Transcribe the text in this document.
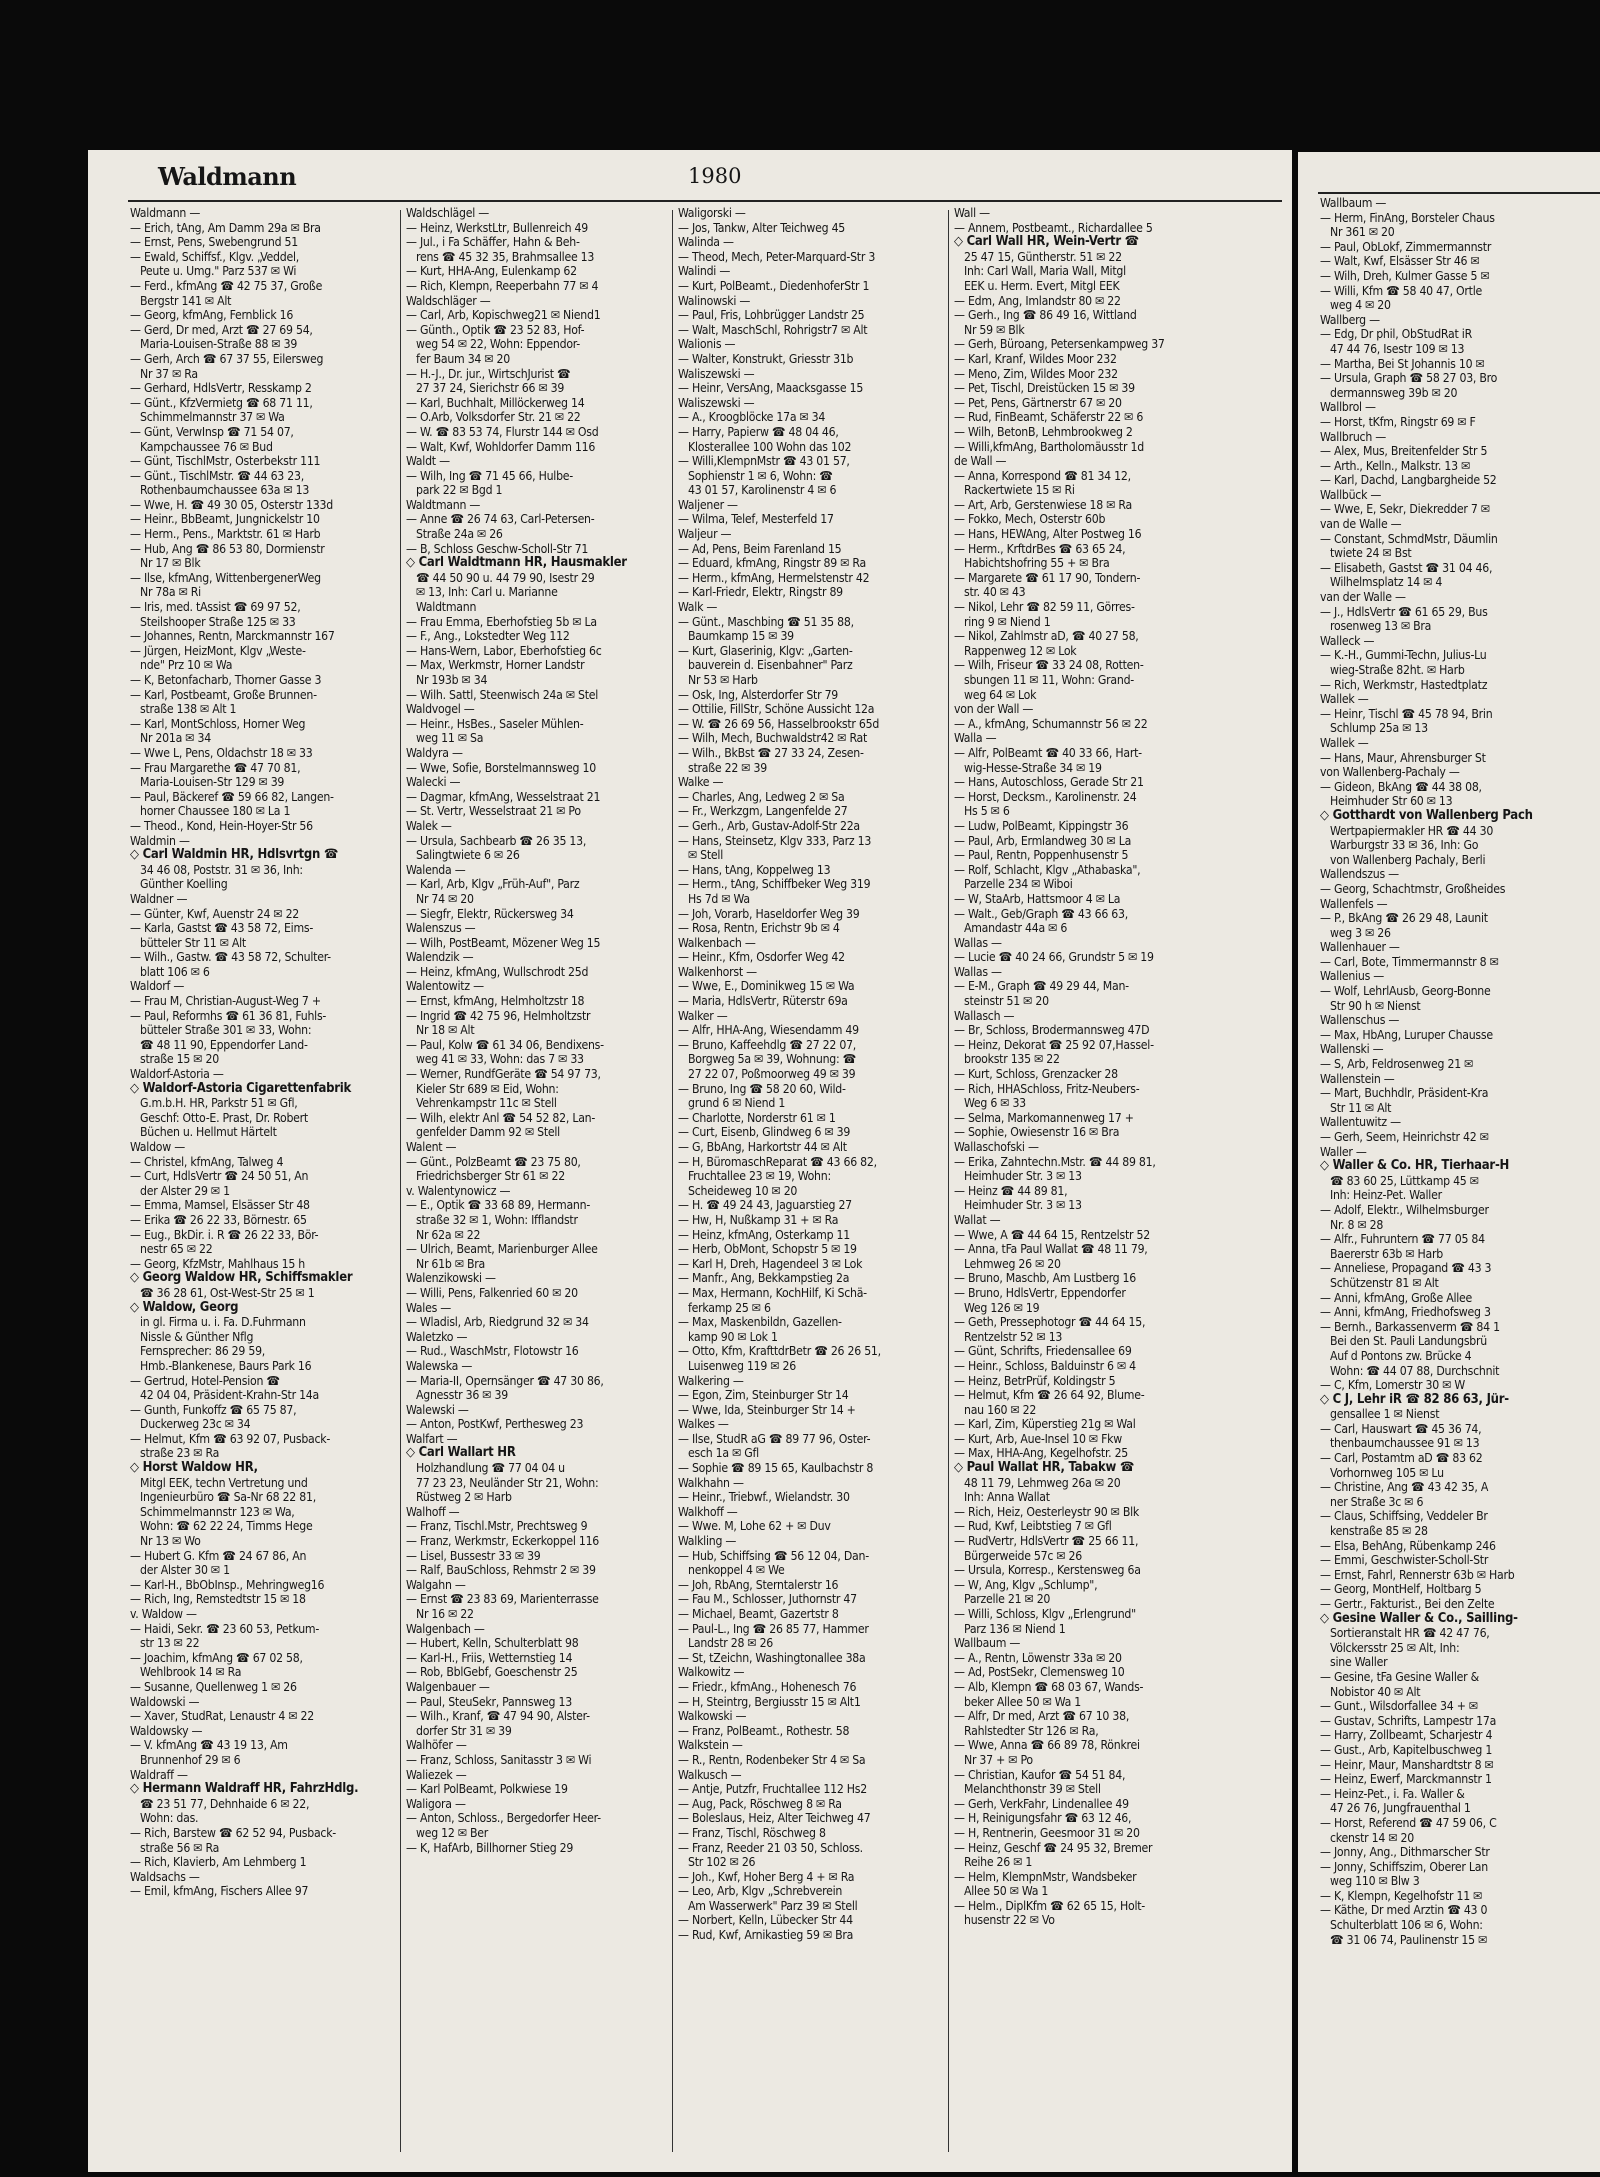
Waldmann	1980
Waldmann —
— Erich, tAng, Am Damm 29a ✉ Bra
— Ernst, Pens, Swebengrund 51
— Ewald, Schiffsf., Klgv. „Veddel,
Peute u. Umg." Parz 537 ✉ Wi
— Ferd., kfmAng ☎ 42 75 37, Große
Bergstr 141 ✉ Alt
— Georg, kfmAng, Fernblick 16
— Gerd, Dr med, Arzt ☎ 27 69 54,
Maria-Louisen-Straße 88 ✉ 39
— Gerh, Arch ☎ 67 37 55, Eilersweg
Nr 37 ✉ Ra
— Gerhard, HdlsVertr, Resskamp 2
— Günt., KfzVermietg ☎ 68 71 11,
Schimmelmannstr 37 ✉ Wa
— Günt, VerwInsp ☎ 71 54 07,
Kampchaussee 76 ✉ Bud
— Günt, TischlMstr, Osterbekstr 111
— Günt., TischlMstr. ☎ 44 63 23,
Rothenbaumchaussee 63a ✉ 13
— Wwe, H. ☎ 49 30 05, Osterstr 133d
— Heinr., BbBeamt, Jungnickelstr 10
— Herm., Pens., Marktstr. 61 ✉ Harb
— Hub, Ang ☎ 86 53 80, Dormienstr
Nr 17 ✉ Blk
— Ilse, kfmAng, WittenbergenerWeg
Nr 78a ✉ Ri
— Iris, med. tAssist ☎ 69 97 52,
Steilshooper Straße 125 ✉ 33
— Johannes, Rentn, Marckmannstr 167
— Jürgen, HeizMont, Klgv „Weste-
nde" Prz 10 ✉ Wa
— K, Betonfacharb, Thorner Gasse 3
— Karl, Postbeamt, Große Brunnen-
straße 138 ✉ Alt 1
— Karl, MontSchloss, Horner Weg
Nr 201a ✉ 34
— Wwe L, Pens, Oldachstr 18 ✉ 33
— Frau Margarethe ☎ 47 70 81,
Maria-Louisen-Str 129 ✉ 39
— Paul, Bäckeref ☎ 59 66 82, Langen-
horner Chaussee 180 ✉ La 1
— Theod., Kond, Hein-Hoyer-Str 56
Waldmin —
◇ Carl Waldmin HR, Hdlsvrtgn ☎
34 46 08, Poststr. 31 ✉ 36, Inh:
Günther Koelling
Waldner —
— Günter, Kwf, Auenstr 24 ✉ 22
— Karla, Gastst ☎ 43 58 72, Eims-
bütteler Str 11 ✉ Alt
— Wilh., Gastw. ☎ 43 58 72, Schulter-
blatt 106 ✉ 6
Waldorf —
— Frau M, Christian-August-Weg 7 +
— Paul, Reformhs ☎ 61 36 81, Fuhls-
bütteler Straße 301 ✉ 33, Wohn:
☎ 48 11 90, Eppendorfer Land-
straße 15 ✉ 20
Waldorf-Astoria —
◇ Waldorf-Astoria Cigarettenfabrik
G.m.b.H. HR, Parkstr 51 ✉ Gfl,
Geschf: Otto-E. Prast, Dr. Robert
Büchen u. Hellmut Härtelt
Waldow —
— Christel, kfmAng, Talweg 4
— Curt, HdlsVertr ☎ 24 50 51, An
der Alster 29 ✉ 1
— Emma, Mamsel, Elsässer Str 48
— Erika ☎ 26 22 33, Börnestr. 65
— Eug., BkDir. i. R ☎ 26 22 33, Bör-
nestr 65 ✉ 22
— Georg, KfzMstr, Mahlhaus 15 h
◇ Georg Waldow HR, Schiffsmakler
☎ 36 28 61, Ost-West-Str 25 ✉ 1
◇ Waldow, Georg
in gl. Firma u. i. Fa. D.Fuhrmann
Nissle & Günther Nflg
Fernsprecher: 86 29 59,
Hmb.-Blankenese, Baurs Park 16
— Gertrud, Hotel-Pension ☎
42 04 04, Präsident-Krahn-Str 14a
— Gunth, Funkoffz ☎ 65 75 87,
Duckerweg 23c ✉ 34
— Helmut, Kfm ☎ 63 92 07, Pusback-
straße 23 ✉ Ra
◇ Horst Waldow HR,
Mitgl EEK, techn Vertretung und
Ingenieurbüro ☎ Sa-Nr 68 22 81,
Schimmelmannstr 123 ✉ Wa,
Wohn: ☎ 62 22 24, Timms Hege
Nr 13 ✉ Wo
— Hubert G. Kfm ☎ 24 67 86, An
der Alster 30 ✉ 1
— Karl-H., BbObInsp., Mehringweg16
— Rich, Ing, Remstedtstr 15 ✉ 18
v. Waldow —
— Haidi, Sekr. ☎ 23 60 53, Petkum-
str 13 ✉ 22
— Joachim, kfmAng ☎ 67 02 58,
Wehlbrook 14 ✉ Ra
— Susanne, Quellenweg 1 ✉ 26
Waldowski —
— Xaver, StudRat, Lenaustr 4 ✉ 22
Waldowsky —
— V. kfmAng ☎ 43 19 13, Am
Brunnenhof 29 ✉ 6
Waldraff —
◇ Hermann Waldraff HR, FahrzHdlg.
☎ 23 51 77, Dehnhaide 6 ✉ 22,
Wohn: das.
— Rich, Barstew ☎ 62 52 94, Pusback-
straße 56 ✉ Ra
— Rich, Klavierb, Am Lehmberg 1
Waldsachs —
— Emil, kfmAng, Fischers Allee 97
Waldschlägel —
— Heinz, WerkstLtr, Bullenreich 49
— Jul., i Fa Schäffer, Hahn & Beh-
rens ☎ 45 32 35, Brahmsallee 13
— Kurt, HHA-Ang, Eulenkamp 62
— Rich, Klempn, Reeperbahn 77 ✉ 4
Waldschläger —
— Carl, Arb, Kopischweg21 ✉ Niend1
— Günth., Optik ☎ 23 52 83, Hof-
weg 54 ✉ 22, Wohn: Eppendor-
fer Baum 34 ✉ 20
— H.-J., Dr. jur., WirtschJurist ☎
27 37 24, Sierichstr 66 ✉ 39
— Karl, Buchhalt, Millöckerweg 14
— O.Arb, Volksdorfer Str. 21 ✉ 22
— W. ☎ 83 53 74, Flurstr 144 ✉ Osd
— Walt, Kwf, Wohldorfer Damm 116
Waldt —
— Wilh, Ing ☎ 71 45 66, Hulbe-
park 22 ✉ Bgd 1
Waldtmann —
— Anne ☎ 26 74 63, Carl-Petersen-
Straße 24a ✉ 26
— B, Schloss Geschw-Scholl-Str 71
◇ Carl Waldtmann HR, Hausmakler
☎ 44 50 90 u. 44 79 90, Isestr 29
✉ 13, Inh: Carl u. Marianne
Waldtmann
— Frau Emma, Eberhofstieg 5b ✉ La
— F., Ang., Lokstedter Weg 112
— Hans-Wern, Labor, Eberhofstieg 6c
— Max, Werkmstr, Horner Landstr
Nr 193b ✉ 34
— Wilh. Sattl, Steenwisch 24a ✉ Stel
Waldvogel —
— Heinr., HsBes., Saseler Mühlen-
weg 11 ✉ Sa
Waldyra —
— Wwe, Sofie, Borstelmannsweg 10
Walecki —
— Dagmar, kfmAng, Wesselstraat 21
— St. Vertr, Wesselstraat 21 ✉ Po
Walek —
— Ursula, Sachbearb ☎ 26 35 13,
Salingtwiete 6 ✉ 26
Walenda —
— Karl, Arb, Klgv „Früh-Auf", Parz
Nr 74 ✉ 20
— Siegfr, Elektr, Rückersweg 34
Walenszus —
— Wilh, PostBeamt, Mözener Weg 15
Walendzik —
— Heinz, kfmAng, Wullschrodt 25d
Walentowitz —
— Ernst, kfmAng, Helmholtzstr 18
— Ingrid ☎ 42 75 96, Helmholtzstr
Nr 18 ✉ Alt
— Paul, Kolw ☎ 61 34 06, Bendixens-
weg 41 ✉ 33, Wohn: das 7 ✉ 33
— Werner, RundfGeräte ☎ 54 97 73,
Kieler Str 689 ✉ Eid, Wohn:
Vehrenkampstr 11c ✉ Stell
— Wilh, elektr Anl ☎ 54 52 82, Lan-
genfelder Damm 92 ✉ Stell
Walent —
— Günt., PolzBeamt ☎ 23 75 80,
Friedrichsberger Str 61 ✉ 22
v. Walentynowicz —
— E., Optik ☎ 33 68 89, Hermann-
straße 32 ✉ 1, Wohn: Ifflandstr
Nr 62a ✉ 22
— Ulrich, Beamt, Marienburger Allee
Nr 61b ✉ Bra
Walenzikowski —
— Willi, Pens, Falkenried 60 ✉ 20
Wales —
— Wladisl, Arb, Riedgrund 32 ✉ 34
Waletzko —
— Rud., WaschMstr, Flotowstr 16
Walewska —
— Maria-II, Opernsänger ☎ 47 30 86,
Agnesstr 36 ✉ 39
Walewski —
— Anton, PostKwf, Perthesweg 23
Walfart —
◇ Carl Wallart HR
Holzhandlung ☎ 77 04 04 u
77 23 23, Neuländer Str 21, Wohn:
Rüstweg 2 ✉ Harb
Walhoff —
— Franz, Tischl.Mstr, Prechtsweg 9
— Franz, Werkmstr, Eckerkoppel 116
— Lisel, Bussestr 33 ✉ 39
— Ralf, BauSchloss, Rehmstr 2 ✉ 39
Walgahn —
— Ernst ☎ 23 83 69, Marienterrasse
Nr 16 ✉ 22
Walgenbach —
— Hubert, Kelln, Schulterblatt 98
— Karl-H., Friis, Wetternstieg 14
— Rob, BblGebf, Goeschenstr 25
Walgenbauer —
— Paul, SteuSekr, Pannsweg 13
— Wilh., Kranf, ☎ 47 94 90, Alster-
dorfer Str 31 ✉ 39
Walhöfer —
— Franz, Schloss, Sanitasstr 3 ✉ Wi
Waliezek —
— Karl PolBeamt, Polkwiese 19
Waligora —
— Anton, Schloss., Bergedorfer Heer-
weg 12 ✉ Ber
— K, HafArb, Billhorner Stieg 29
Waligorski —
— Jos, Tankw, Alter Teichweg 45
Walinda —
— Theod, Mech, Peter-Marquard-Str 3
Walindi —
— Kurt, PolBeamt., DiedenhoferStr 1
Walinowski —
— Paul, Fris, Lohbrügger Landstr 25
— Walt, MaschSchl, Rohrigstr7 ✉ Alt
Walionis —
— Walter, Konstrukt, Griesstr 31b
Waliszewski —
— Heinr, VersAng, Maacksgasse 15
Waliszewski —
— A., Kroogblöcke 17a ✉ 34
— Harry, Papierw ☎ 48 04 46,
Klosterallee 100 Wohn das 102
— Willi,KlempnMstr ☎ 43 01 57,
Sophienstr 1 ✉ 6, Wohn: ☎
43 01 57, Karolinenstr 4 ✉ 6
Waljener —
— Wilma, Telef, Mesterfeld 17
Waljeur —
— Ad, Pens, Beim Farenland 15
— Eduard, kfmAng, Ringstr 89 ✉ Ra
— Herm., kfmAng, Hermelstenstr 42
— Karl-Friedr, Elektr, Ringstr 89
Walk —
— Günt., Maschbing ☎ 51 35 88,
Baumkamp 15 ✉ 39
— Kurt, Glaserinig, Klgv: „Garten-
bauverein d. Eisenbahner" Parz
Nr 53 ✉ Harb
— Osk, Ing, Alsterdorfer Str 79
— Ottilie, FillStr, Schöne Aussicht 12a
— W. ☎ 26 69 56, Hasselbrookstr 65d
— Wilh, Mech, Buchwaldstr42 ✉ Rat
— Wilh., BkBst ☎ 27 33 24, Zesen-
straße 22 ✉ 39
Walke —
— Charles, Ang, Ledweg 2 ✉ Sa
— Fr., Werkzgm, Langenfelde 27
— Gerh., Arb, Gustav-Adolf-Str 22a
— Hans, Steinsetz, Klgv 333, Parz 13
✉ Stell
— Hans, tAng, Koppelweg 13
— Herm., tAng, Schiffbeker Weg 319
Hs 7d ✉ Wa
— Joh, Vorarb, Haseldorfer Weg 39
— Rosa, Rentn, Erichstr 9b ✉ 4
Walkenbach —
— Heinr., Kfm, Osdorfer Weg 42
Walkenhorst —
— Wwe, E., Dominikweg 15 ✉ Wa
— Maria, HdlsVertr, Rüterstr 69a
Walker —
— Alfr, HHA-Ang, Wiesendamm 49
— Bruno, Kaffeehdlg ☎ 27 22 07,
Borgweg 5a ✉ 39, Wohnung: ☎
27 22 07, Poßmoorweg 49 ✉ 39
— Bruno, Ing ☎ 58 20 60, Wild-
grund 6 ✉ Niend 1
— Charlotte, Norderstr 61 ✉ 1
— Curt, Eisenb, Glindweg 6 ✉ 39
— G, BbAng, Harkortstr 44 ✉ Alt
— H, BüromaschReparat ☎ 43 66 82,
Fruchtallee 23 ✉ 19, Wohn:
Scheideweg 10 ✉ 20
— H. ☎ 49 24 43, Jaguarstieg 27
— Hw, H, Nußkamp 31 + ✉ Ra
— Heinz, kfmAng, Osterkamp 11
— Herb, ObMont, Schopstr 5 ✉ 19
— Karl H, Dreh, Hagendeel 3 ✉ Lok
— Manfr., Ang, Bekkampstieg 2a
— Max, Hermann, KochHilf, Ki Schä-
ferkamp 25 ✉ 6
— Max, Maskenbildn, Gazellen-
kamp 90 ✉ Lok 1
— Otto, Kfm, KrafttdrBetr ☎ 26 26 51,
Luisenweg 119 ✉ 26
Walkering —
— Egon, Zim, Steinburger Str 14
— Wwe, Ida, Steinburger Str 14 +
Walkes —
— Ilse, StudR aG ☎ 89 77 96, Oster-
esch 1a ✉ Gfl
— Sophie ☎ 89 15 65, Kaulbachstr 8
Walkhahn —
— Heinr., Triebwf., Wielandstr. 30
Walkhoff —
— Wwe. M, Lohe 62 + ✉ Duv
Walkling —
— Hub, Schiffsing ☎ 56 12 04, Dan-
nenkoppel 4 ✉ We
— Joh, RbAng, Sterntalerstr 16
— Fau M., Schlosser, Juthornstr 47
— Michael, Beamt, Gazertstr 8
— Paul-L., Ing ☎ 26 85 77, Hammer
Landstr 28 ✉ 26
— St, tZeichn, Washingtonallee 38a
Walkowitz —
— Friedr., kfmAng., Hohenesch 76
— H, Steintrg, Bergiusstr 15 ✉ Alt1
Walkowski —
— Franz, PolBeamt., Rothestr. 58
Walkstein —
— R., Rentn, Rodenbeker Str 4 ✉ Sa
Walkusch —
— Antje, Putzfr, Fruchtallee 112 Hs2
— Aug, Pack, Röschweg 8 ✉ Ra
— Boleslaus, Heiz, Alter Teichweg 47
— Franz, Tischl, Röschweg 8
— Franz, Reeder 21 03 50, Schloss.
Str 102 ✉ 26
— Joh., Kwf, Hoher Berg 4 + ✉ Ra
— Leo, Arb, Klgv „Schrebverein
Am Wasserwerk" Parz 39 ✉ Stell
— Norbert, Kelln, Lübecker Str 44
— Rud, Kwf, Arnikastieg 59 ✉ Bra
Wall —
— Annem, Postbeamt., Richardallee 5
◇ Carl Wall HR, Wein-Vertr ☎
25 47 15, Güntherstr. 51 ✉ 22
Inh: Carl Wall, Maria Wall, Mitgl
EEK u. Herm. Evert, Mitgl EEK
— Edm, Ang, Imlandstr 80 ✉ 22
— Gerh., Ing ☎ 86 49 16, Wittland
Nr 59 ✉ Blk
— Gerh, Büroang, Petersenkampweg 37
— Karl, Kranf, Wildes Moor 232
— Meno, Zim, Wildes Moor 232
— Pet, Tischl, Dreistücken 15 ✉ 39
— Pet, Pens, Gärtnerstr 67 ✉ 20
— Rud, FinBeamt, Schäferstr 22 ✉ 6
— Wilh, BetonB, Lehmbrookweg 2
— Willi,kfmAng, Bartholomäusstr 1d
de Wall —
— Anna, Korrespond ☎ 81 34 12,
Rackertwiete 15 ✉ Ri
— Art, Arb, Gerstenwiese 18 ✉ Ra
— Fokko, Mech, Osterstr 60b
— Hans, HEWAng, Alter Postweg 16
— Herm., KrftdrBes ☎ 63 65 24,
Habichtshofring 55 + ✉ Bra
— Margarete ☎ 61 17 90, Tondern-
str. 40 ✉ 43
— Nikol, Lehr ☎ 82 59 11, Görres-
ring 9 ✉ Niend 1
— Nikol, Zahlmstr aD, ☎ 40 27 58,
Rappenweg 12 ✉ Lok
— Wilh, Friseur ☎ 33 24 08, Rotten-
sbungen 11 ✉ 11, Wohn: Grand-
weg 64 ✉ Lok
von der Wall —
— A., kfmAng, Schumannstr 56 ✉ 22
Walla —
— Alfr, PolBeamt ☎ 40 33 66, Hart-
wig-Hesse-Straße 34 ✉ 19
— Hans, Autoschloss, Gerade Str 21
— Horst, Decksm., Karolinenstr. 24
Hs 5 ✉ 6
— Ludw, PolBeamt, Kippingstr 36
— Paul, Arb, Ermlandweg 30 ✉ La
— Paul, Rentn, Poppenhusenstr 5
— Rolf, Schlacht, Klgv „Athabaska",
Parzelle 234 ✉ Wiboi
— W, StaArb, Hattsmoor 4 ✉ La
— Walt., Geb/Graph ☎ 43 66 63,
Amandastr 44a ✉ 6
Wallas —
— Lucie ☎ 40 24 66, Grundstr 5 ✉ 19
Wallas —
— E-M., Graph ☎ 49 29 44, Man-
steinstr 51 ✉ 20
Wallasch —
— Br, Schloss, Brodermannsweg 47D
— Heinz, Dekorat ☎ 25 92 07,Hassel-
brookstr 135 ✉ 22
— Kurt, Schloss, Grenzacker 28
— Rich, HHASchloss, Fritz-Neubers-
Weg 6 ✉ 33
— Selma, Markomannenweg 17 +
— Sophie, Owiesenstr 16 ✉ Bra
Wallaschofski —
— Erika, Zahntechn.Mstr. ☎ 44 89 81,
Heimhuder Str. 3 ✉ 13
— Heinz ☎ 44 89 81,
Heimhuder Str. 3 ✉ 13
Wallat —
— Wwe, A ☎ 44 64 15, Rentzelstr 52
— Anna, tFa Paul Wallat ☎ 48 11 79,
Lehmweg 26 ✉ 20
— Bruno, Maschb, Am Lustberg 16
— Bruno, HdlsVertr, Eppendorfer
Weg 126 ✉ 19
— Geth, Pressephotogr ☎ 44 64 15,
Rentzelstr 52 ✉ 13
— Günt, Schrifts, Friedensallee 69
— Heinr., Schloss, Balduinstr 6 ✉ 4
— Heinz, BetrPrüf, Koldingstr 5
— Helmut, Kfm ☎ 26 64 92, Blume-
nau 160 ✉ 22
— Karl, Zim, Küperstieg 21g ✉ Wal
— Kurt, Arb, Aue-Insel 10 ✉ Fkw
— Max, HHA-Ang, Kegelhofstr. 25
◇ Paul Wallat HR, Tabakw ☎
48 11 79, Lehmweg 26a ✉ 20
Inh: Anna Wallat
— Rich, Heiz, Oesterleystr 90 ✉ Blk
— Rud, Kwf, Leibtstieg 7 ✉ Gfl
— RudVertr, HdlsVertr ☎ 25 66 11,
Bürgerweide 57c ✉ 26
— Ursula, Korresp., Kerstensweg 6a
— W, Ang, Klgv „Schlump",
Parzelle 21 ✉ 20
— Willi, Schloss, Klgv „Erlengrund"
Parz 136 ✉ Niend 1
Wallbaum —
— A., Rentn, Löwenstr 33a ✉ 20
— Ad, PostSekr, Clemensweg 10
— Alb, Klempn ☎ 68 03 67, Wands-
beker Allee 50 ✉ Wa 1
— Alfr, Dr med, Arzt ☎ 67 10 38,
Rahlstedter Str 126 ✉ Ra,
— Wwe, Anna ☎ 66 89 78, Rönkrei
Nr 37 + ✉ Po
— Christian, Kaufor ☎ 54 51 84,
Melanchthonstr 39 ✉ Stell
— Gerh, VerkFahr, Lindenallee 49
— H, Reinigungsfahr ☎ 63 12 46,
— H, Rentnerin, Geesmoor 31 ✉ 20
— Heinz, Geschf ☎ 24 95 32, Bremer
Reihe 26 ✉ 1
— Helm, KlempnMstr, Wandsbeker
Allee 50 ✉ Wa 1
— Helm., DiplKfm ☎ 62 65 15, Holt-
husenstr 22 ✉ Vo
Wallbaum —
— Herm, FinAng, Borsteler Chaus
Nr 361 ✉ 20
— Paul, ObLokf, Zimmermannstr
— Walt, Kwf, Elsässer Str 46 ✉
— Wilh, Dreh, Kulmer Gasse 5 ✉
— Willi, Kfm ☎ 58 40 47, Ortle
weg 4 ✉ 20
Wallberg —
— Edg, Dr phil, ObStudRat iR
47 44 76, Isestr 109 ✉ 13
— Martha, Bei St Johannis 10 ✉
— Ursula, Graph ☎ 58 27 03, Bro
dermannsweg 39b ✉ 20
Wallbrol —
— Horst, tKfm, Ringstr 69 ✉ F
Wallbruch —
— Alex, Mus, Breitenfelder Str 5
— Arth., Kelln., Malkstr. 13 ✉
— Karl, Dachd, Langbargheide 52
Wallbück —
— Wwe, E, Sekr, Diekredder 7 ✉
van de Walle —
— Constant, SchmdMstr, Däumlin
twiete 24 ✉ Bst
— Elisabeth, Gastst ☎ 31 04 46,
Wilhelmsplatz 14 ✉ 4
van der Walle —
— J., HdlsVertr ☎ 61 65 29, Bus
rosenweg 13 ✉ Bra
Walleck —
— K.-H., Gummi-Techn, Julius-Lu
wieg-Straße 82ht. ✉ Harb
— Rich, Werkmstr, Hastedtplatz
Wallek —
— Heinr, Tischl ☎ 45 78 94, Brin
Schlump 25a ✉ 13
Wallek —
— Hans, Maur, Ahrensburger St
von Wallenberg-Pachaly —
— Gideon, BkAng ☎ 44 38 08,
Heimhuder Str 60 ✉ 13
◇ Gotthardt von Wallenberg Pach
Wertpapiermakler HR ☎ 44 30
Warburgstr 33 ✉ 36, Inh: Go
von Wallenberg Pachaly, Berli
Wallendszus —
— Georg, Schachtmstr, Großheides
Wallenfels —
— P., BkAng ☎ 26 29 48, Launit
weg 3 ✉ 26
Wallenhauer —
— Carl, Bote, Timmermannstr 8 ✉
Wallenius —
— Wolf, LehrlAusb, Georg-Bonne
Str 90 h ✉ Nienst
Wallenschus —
— Max, HbAng, Luruper Chausse
Wallenski —
— S, Arb, Feldrosenweg 21 ✉
Wallenstein —
— Mart, Buchhdlr, Präsident-Kra
Str 11 ✉ Alt
Wallentuwitz —
— Gerh, Seem, Heinrichstr 42 ✉
Waller —
◇ Waller & Co. HR, Tierhaar-H
☎ 83 60 25, Lüttkamp 45 ✉
Inh: Heinz-Pet. Waller
— Adolf, Elektr., Wilhelmsburger
Nr. 8 ✉ 28
— Alfr., Fuhruntern ☎ 77 05 84
Baererstr 63b ✉ Harb
— Anneliese, Propagand ☎ 43 3
Schützenstr 81 ✉ Alt
— Anni, kfmAng, Große Allee
— Anni, kfmAng, Friedhofsweg 3
— Bernh., Barkassenverm ☎ 84 1
Bei den St. Pauli Landungsbrü
Auf d Pontons zw. Brücke 4
Wohn: ☎ 44 07 88, Durchschnit
— C, Kfm, Lomerstr 30 ✉ W
◇ C J, Lehr iR ☎ 82 86 63, Jür-
gensallee 1 ✉ Nienst
— Carl, Hauswart ☎ 45 36 74,
thenbaumchaussee 91 ✉ 13
— Carl, Postamtm aD ☎ 83 62
Vorhornweg 105 ✉ Lu
— Christine, Ang ☎ 43 42 35, A
ner Straße 3c ✉ 6
— Claus, Schiffsing, Veddeler Br
kenstraße 85 ✉ 28
— Elsa, BehAng, Rübenkamp 246
— Emmi, Geschwister-Scholl-Str
— Ernst, Fahrl, Rennerstr 63b ✉ Harb
— Georg, MontHelf, Holtbarg 5
— Gertr., Fakturist., Bei den Zelte
◇ Gesine Waller & Co., Sailling-
Sortieranstalt HR ☎ 42 47 76,
Völckersstr 25 ✉ Alt, Inh:
sine Waller
— Gesine, tFa Gesine Waller &
Nobistor 40 ✉ Alt
— Gunt., Wilsdorfallee 34 + ✉
— Gustav, Schrifts, Lampestr 17a
— Harry, Zollbeamt, Scharjestr 4
— Gust., Arb, Kapitelbuschweg 1
— Heinr, Maur, Manshardtstr 8 ✉
— Heinz, Ewerf, Marckmannstr 1
— Heinz-Pet., i. Fa. Waller &
47 26 76, Jungfrauenthal 1
— Horst, Referend ☎ 47 59 06, C
ckenstr 14 ✉ 20
— Jonny, Ang., Dithmarscher Str
— Jonny, Schiffszim, Oberer Lan
weg 110 ✉ Blw 3
— K, Klempn, Kegelhofstr 11 ✉
— Käthe, Dr med Arztin ☎ 43 0
Schulterblatt 106 ✉ 6, Wohn:
☎ 31 06 74, Paulinenstr 15 ✉
